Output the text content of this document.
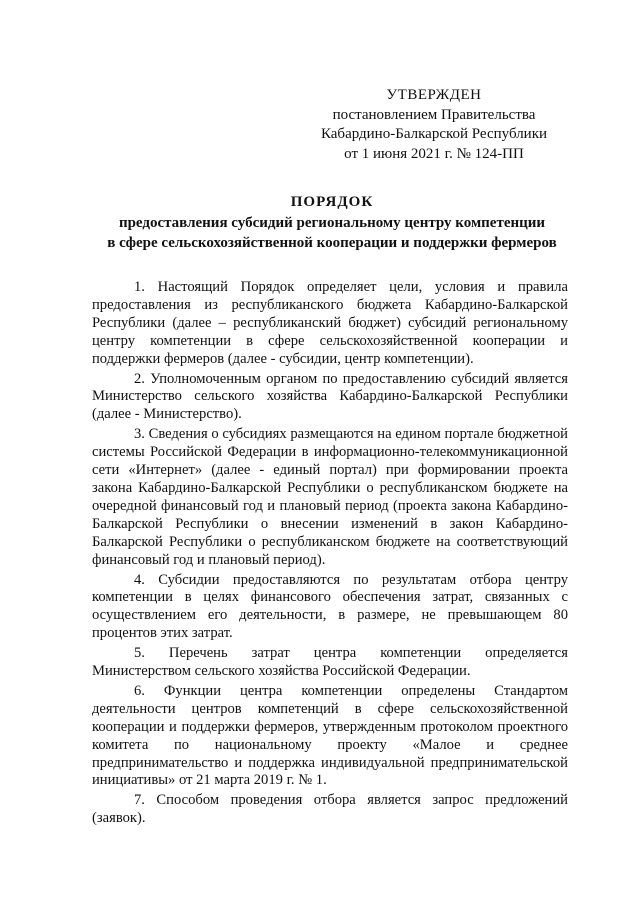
УТВЕРЖДЕН
постановлением Правительства
Кабардино-Балкарской Республики
от 1 июня 2021 г. № 124-ПП
ПОРЯДОК
предоставления субсидий региональному центру компетенции
в сфере сельскохозяйственной кооперации и поддержки фермеров

1. Настоящий Порядок определяет цели, условия и правила предоставления из республиканского бюджета Кабардино-Балкарской Республики (далее – республиканский бюджет) субсидий региональному центру компетенции в сфере сельскохозяйственной кооперации и поддержки фермеров (далее - субсидии, центр компетенции).

2. Уполномоченным органом по предоставлению субсидий является Министерство сельского хозяйства Кабардино-Балкарской Республики (далее - Министерство).

3. Сведения о субсидиях размещаются на едином портале бюджетной системы Российской Федерации в информационно-телекоммуникационной сети «Интернет» (далее - единый портал) при формировании проекта закона Кабардино-Балкарской Республики о республиканском бюджете на очередной финансовый год и плановый период (проекта закона Кабардино-Балкарской Республики о внесении изменений в закон Кабардино-Балкарской Республики о республиканском бюджете на соответствующий финансовый год и плановый период).

4. Субсидии предоставляются по результатам отбора центру компетенции в целях финансового обеспечения затрат, связанных с осуществлением его деятельности, в размере, не превышающем 80 процентов этих затрат.

5. Перечень затрат центра компетенции определяется Министерством сельского хозяйства Российской Федерации.

6. Функции центра компетенции определены Стандартом деятельности центров компетенций в сфере сельскохозяйственной кооперации и поддержки фермеров, утвержденным протоколом проектного комитета по национальному проекту «Малое и среднее предпринимательство и поддержка индивидуальной предпринимательской инициативы» от 21 марта 2019 г. № 1.

7. Способом проведения отбора является запрос предложений (заявок).
